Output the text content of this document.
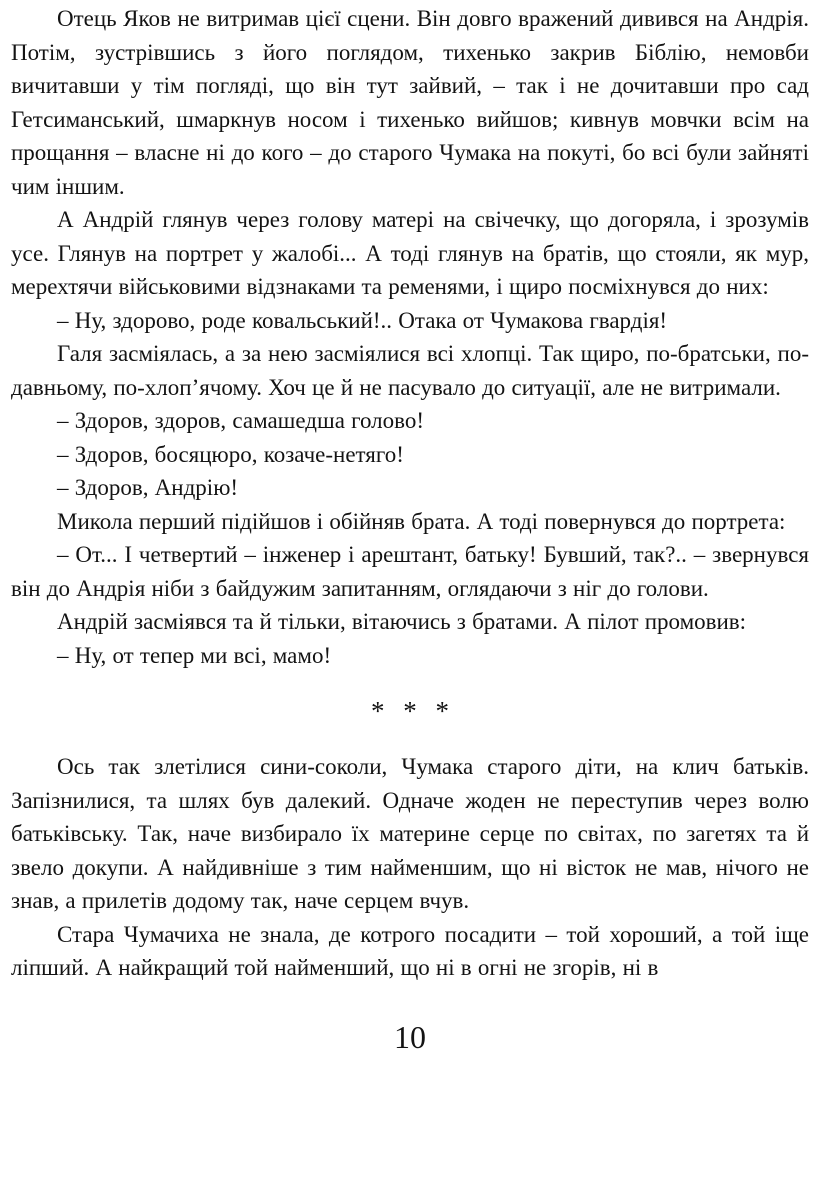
Отець Яков не витримав цієї сцени. Він довго вражений дивився на Андрія. Потім, зустрівшись з його поглядом, тихенько закрив Біблію, немовби вичитавши у тім погляді, що він тут зайвий, – так і не дочитавши про сад Гетсиманський, шмаркнув носом і тихенько вийшов; кивнув мовчки всім на прощання – власне ні до кого – до старого Чумака на покуті, бо всі були зайняті чим іншим.

А Андрій глянув через голову матері на свічечку, що догоряла, і зрозумів усе. Глянув на портрет у жалобі... А тоді глянув на братів, що стояли, як мур, мерехтячи військовими відзнаками та ременями, і щиро посміхнувся до них:

– Ну, здорово, роде ковальський!.. Отака от Чумакова гвардія!

Галя засміялась, а за нею засміялися всі хлопці. Так щиро, по-братськи, по-давньому, по-хлоп’ячому. Хоч це й не пасувало до ситуації, але не витримали.

– Здоров, здоров, самашедша голово!

– Здоров, босяцюро, козаче-нетяго!

– Здоров, Андрію!

Микола перший підійшов і обійняв брата. А тоді повернувся до портрета:

– От... І четвертий – інженер і арештант, батьку! Бувший, так?.. – звернувся він до Андрія ніби з байдужим запитанням, оглядаючи з ніг до голови.

Андрій засміявся та й тільки, вітаючись з братами. А пілот промовив:

– Ну, от тепер ми всі, мамо!

* * *

Ось так злетілися сини-соколи, Чумака старого діти, на клич батьків. Запізнилися, та шлях був далекий. Одначе жоден не переступив через волю батьківську. Так, наче визбирало їх материне серце по світах, по загетях та й звело докупи. А найдивніше з тим найменшим, що ні вісток не мав, нічого не знав, а прилетів додому так, наче серцем вчув.

Стара Чумачиха не знала, де котрого посадити – той хороший, а той іще ліпший. А найкращий той найменший, що ні в огні не згорів, ні в

10
